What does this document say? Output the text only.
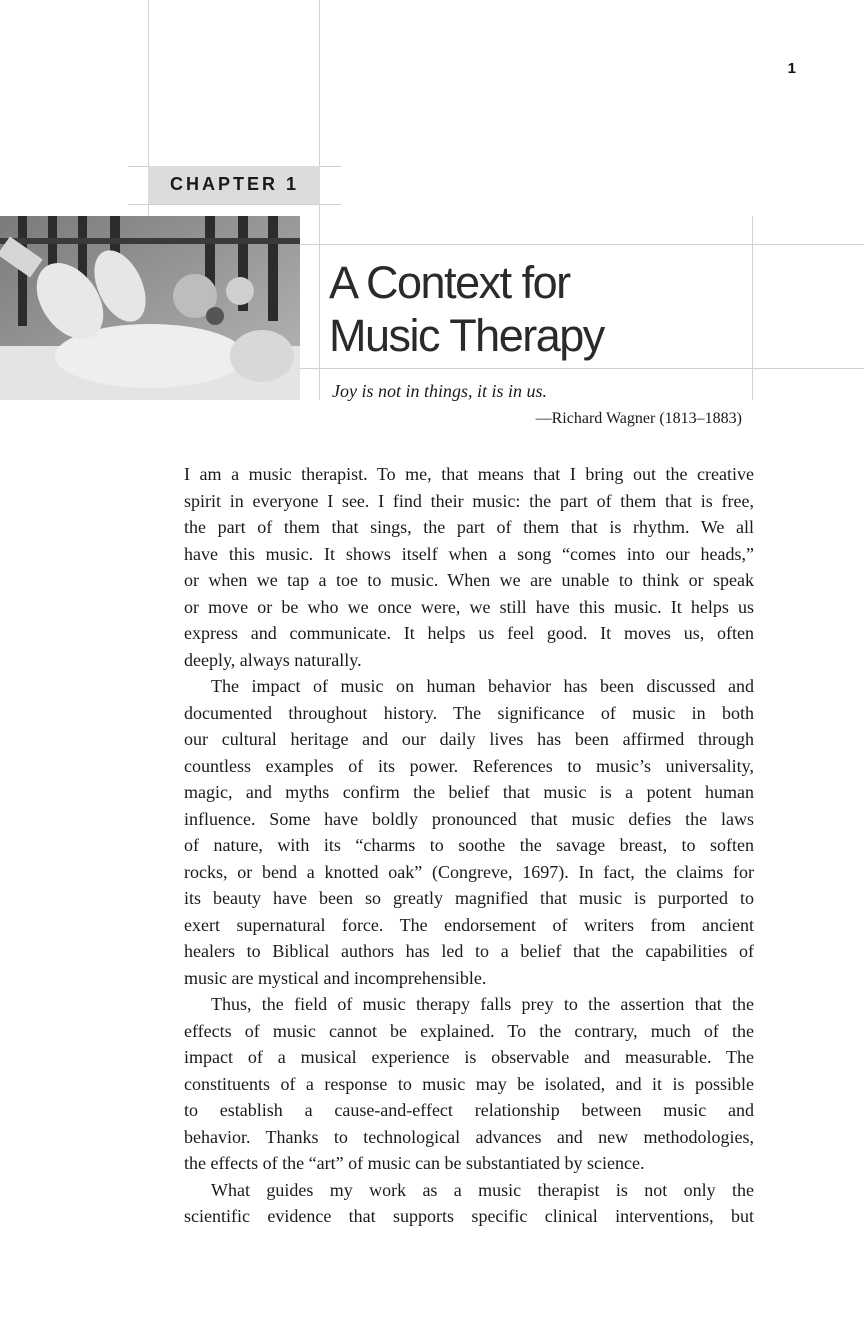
1
CHAPTER 1
A Context for
Music Therapy

Joy is not in things, it is in us.

—Richard Wagner (1813–1883)

I am a music therapist. To me, that means that I bring out the creative

spirit in everyone I see. I find their music: the part of them that is free,

the part of them that sings, the part of them that is rhythm. We all

have this music. It shows itself when a song “comes into our heads,”

or when we tap a toe to music. When we are unable to think or speak

or move or be who we once were, we still have this music. It helps us

express and communicate. It helps us feel good. It moves us, often

deeply, always naturally.

The impact of music on human behavior has been discussed and

documented throughout history. The significance of music in both

our cultural heritage and our daily lives has been affirmed through

countless examples of its power. References to music’s universality,

magic, and myths confirm the belief that music is a potent human

influence. Some have boldly pronounced that music defies the laws

of nature, with its “charms to soothe the savage breast, to soften

rocks, or bend a knotted oak” (Congreve, 1697). In fact, the claims for

its beauty have been so greatly magnified that music is purported to

exert supernatural force. The endorsement of writers from ancient

healers to Biblical authors has led to a belief that the capabilities of

music are mystical and incomprehensible.

Thus, the field of music therapy falls prey to the assertion that the

effects of music cannot be explained. To the contrary, much of the

impact of a musical experience is observable and measurable. The

constituents of a response to music may be isolated, and it is possible

to establish a cause-and-effect relationship between music and

behavior. Thanks to technological advances and new methodologies,

the effects of the “art” of music can be substantiated by science.

What guides my work as a music therapist is not only the

scientific evidence that supports specific clinical interventions, but
